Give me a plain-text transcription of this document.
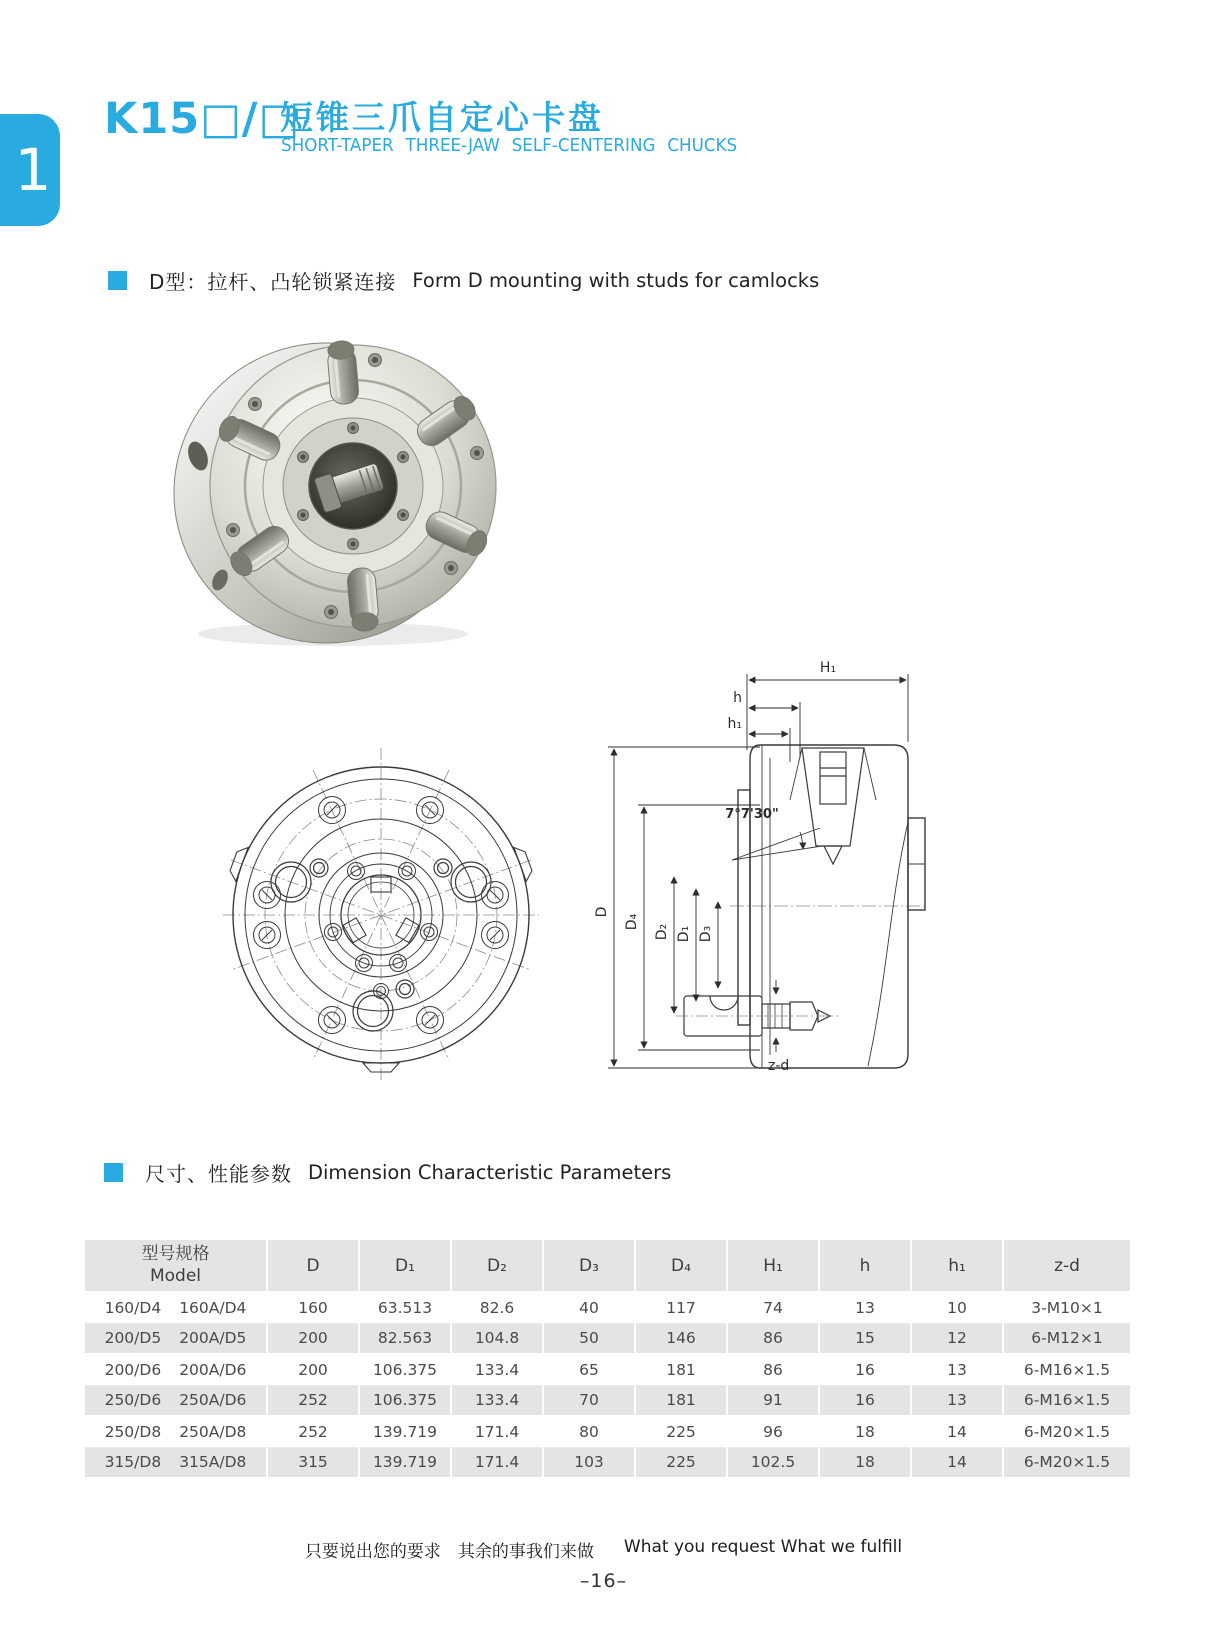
1
K15□/□
短锥三爪自定心卡盘
SHORT-TAPER THREE-JAW SELF-CENTERING CHUCKS
D型：拉杆、凸轮锁紧连接 Form D mounting with studs for camlocks
7°7'30"
D
D₄
D₂ D₁ D₃
H₁
h
h₁
z-d
尺寸、性能参数 Dimension Characteristic Parameters
型号规格
Model	D	D₁	D₂	D₃	D₄	H₁	h	h₁	z-d
160/D4 160A/D4	160	63.513	82.6	40	117	74	13	10	3-M10×1
200/D5 200A/D5	200	82.563	104.8	50	146	86	15	12	6-M12×1
200/D6 200A/D6	200	106.375	133.4	65	181	86	16	13	6-M16×1.5
250/D6 250A/D6	252	106.375	133.4	70	181	91	16	13	6-M16×1.5
250/D8 250A/D8	252	139.719	171.4	80	225	96	18	14	6-M20×1.5
315/D8 315A/D8	315	139.719	171.4	103	225	102.5	18	14	6-M20×1.5
只要说出您的要求　其余的事我们来做 What you request What we fulfill
–16–
